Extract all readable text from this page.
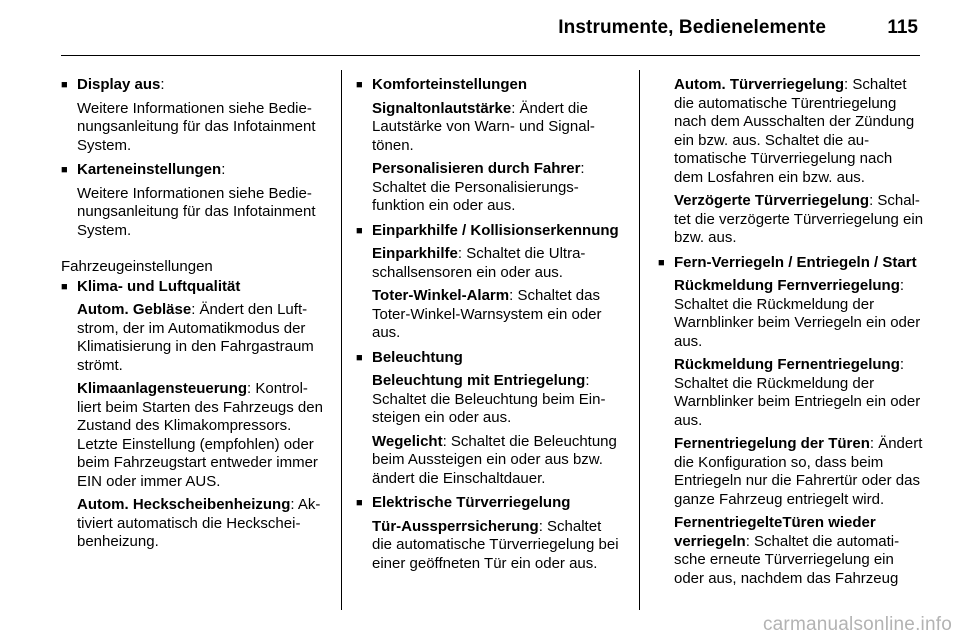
Instrumente, Bedienelemente	115
■ Display aus:
Weitere Informationen siehe Bedienungsanleitung für das Infotainment System.
■ Karteneinstellungen:
Weitere Informationen siehe Bedienungsanleitung für das Infotainment System.
Fahrzeugeinstellungen
■ Klima- und Luftqualität
Autom. Gebläse: Ändert den Luftstrom, der im Automatikmodus der Klimatisierung in den Fahrgastraum strömt.
Klimaanlagensteuerung: Kontrolliert beim Starten des Fahrzeugs den Zustand des Klimakompressors. Letzte Einstellung (empfohlen) oder beim Fahrzeugstart entweder immer EIN oder immer AUS.
Autom. Heckscheibenheizung: Aktiviert automatisch die Heckscheibenheizung.
■ Komforteinstellungen
Signaltonlautstärke: Ändert die Lautstärke von Warn- und Signaltönen.
Personalisieren durch Fahrer: Schaltet die Personalisierungsfunktion ein oder aus.
■ Einparkhilfe / Kollisionserkennung
Einparkhilfe: Schaltet die Ultraschallsensoren ein oder aus.
Toter-Winkel-Alarm: Schaltet das Toter-Winkel-Warnsystem ein oder aus.
■ Beleuchtung
Beleuchtung mit Entriegelung: Schaltet die Beleuchtung beim Einsteigen ein oder aus.
Wegelicht: Schaltet die Beleuchtung beim Aussteigen ein oder aus bzw. ändert die Einschaltdauer.
■ Elektrische Türverriegelung
Tür-Aussperrsicherung: Schaltet die automatische Türverriegelung bei einer geöffneten Tür ein oder aus.
Autom. Türverriegelung: Schaltet die automatische Türentriegelung nach dem Ausschalten der Zündung ein bzw. aus. Schaltet die automatische Türverriegelung nach dem Losfahren ein bzw. aus.
Verzögerte Türverriegelung: Schaltet die verzögerte Türverriegelung ein bzw. aus.
■ Fern-Verriegeln / Entriegeln / Start
Rückmeldung Fernverriegelung: Schaltet die Rückmeldung der Warnblinker beim Verriegeln ein oder aus.
Rückmeldung Fernentriegelung: Schaltet die Rückmeldung der Warnblinker beim Entriegeln ein oder aus.
Fernentriegelung der Türen: Ändert die Konfiguration so, dass beim Entriegeln nur die Fahrertür oder das ganze Fahrzeug entriegelt wird.
FernentriegelteTüren wieder verriegeln: Schaltet die automatische erneute Türverriegelung ein oder aus, nachdem das Fahrzeug
carmanualsonline.info
